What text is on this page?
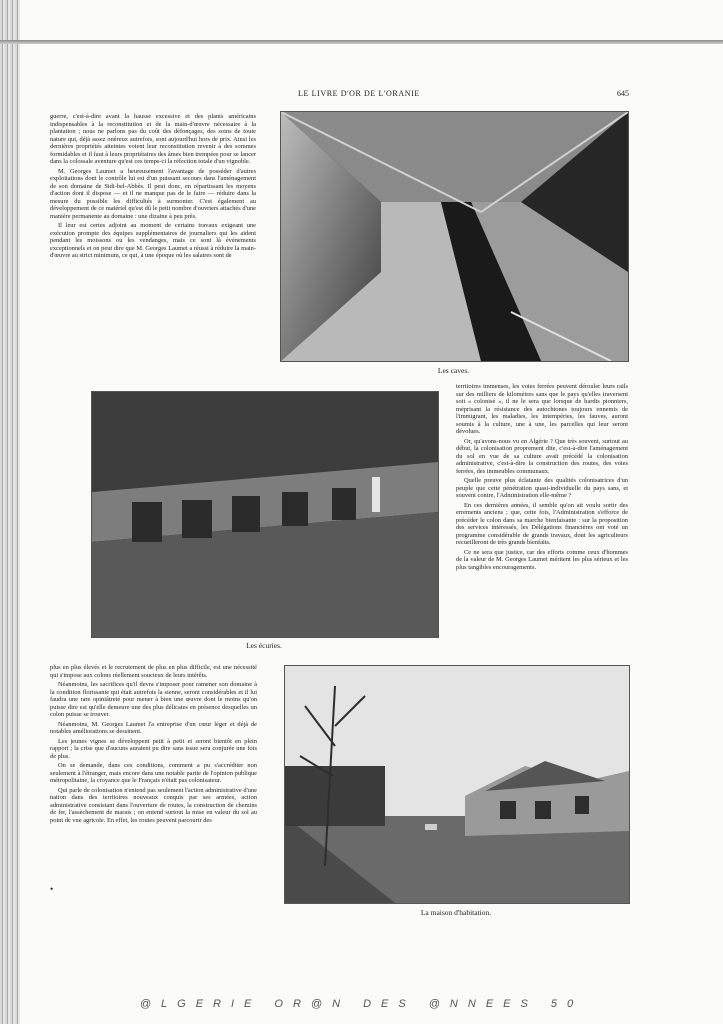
LE LIVRE D'OR DE L'ORANIE	645

guerre, c'est-à-dire avant la hausse excessive et des plants américains indispensables à la reconstitution et de la main-d'œuvre nécessaire à la plantation ; nous ne parlons pas du coût des défonçages, des soins de toute nature qui, déjà assez onéreux autrefois, sont aujourd'hui hors de prix. Ainsi les dernières propriétés atteintes voient leur reconstitution revenir à des sommes formidables et il faut à leurs propriétaires des âmes bien trempées pour se lancer dans la colossale aventure qu'est ces temps-ci la réfection totale d'un vignoble.

M. Georges Laumet a heureusement l'avantage de posséder d'autres exploitations dont le contrôle lui est d'un puissant secours dans l'aménagement de son domaine de Sidi-bel-Abbès. Il peut donc, en répartissant les moyens d'action dont il dispose — et il ne manque pas de le faire — réduire dans la mesure du possible les difficultés à surmonter. C'est également au développement de ce matériel qu'est dû le petit nombre d'ouvriers attachés d'une manière permanente au domaine : une dizaine à peu près.

Il leur est certes adjoint au moment de certains travaux exigeant une exécution prompte des équipes supplémentaires de journaliers qui les aident pendant les moissons ou les vendanges, mais ce sont là événements exceptionnels et on peut dire que M. Georges Laumet a réussi à réduire la main-d'œuvre au strict minimum, ce qui, à une époque où les salaires sont de

Les caves.
Les écuries.

territoires immenses, les voies ferrées peuvent dérouler leurs rails sur des milliers de kilomètres sans que le pays qu'elles traversent soit « colonisé », il ne le sera que lorsque de hardis pionniers, méprisant la résistance des autochtones toujours ennemis de l'immigrant, les maladies, les intempéries, les fauves, auront soumis à la culture, une à une, les parcelles qui leur seront dévolues.

Or, qu'avons-nous vu en Algérie ? Que très souvent, surtout au début, la colonisation proprement dite, c'est-à-dire l'aménagement du sol en vue de sa culture avait précédé la colonisation administrative, c'est-à-dire la construction des routes, des voies ferrées, des immeubles communaux.

Quelle preuve plus éclatante des qualités colonisatrices d'un peuple que cette pénétration quasi-individuelle du pays sans, et souvent contre, l'Administration elle-même ?

En ces dernières années, il semble qu'on ait voulu sortir des errements anciens ; que, cette fois, l'Administration s'efforce de précéder le colon dans sa marche bienfaisante : sur la proposition des services intéressés, les Délégations financières ont voté un programme considérable de grands travaux, dont les agriculteurs recueilleront de très grands bienfaits.

Ce ne sera que justice, car des efforts comme ceux d'hommes de la valeur de M. Georges Laumet méritent les plus sérieux et les plus tangibles encouragements.

plus en plus élevés et le recrutement de plus en plus difficile, est une nécessité qui s'impose aux colons réellement soucieux de leurs intérêts.

Néanmoins, les sacrifices qu'il devra s'imposer pour ramener son domaine à la condition florissante qui était autrefois la sienne, seront considérables et il lui faudra une rare opiniâtreté pour mener à bien une œuvre dont le moins qu'on puisse dire est qu'elle demeure une des plus délicates en présence desquelles un colon puisse se trouver.

Néanmoins, M. Georges Laumet l'a entreprise d'un cœur léger et déjà de notables améliorations se dessinent.

Les jeunes vignes se développent petit à petit et seront bientôt en plein rapport ; la crise que d'aucuns auraient pu dire sans issue sera conjurée une fois de plus.

On se demande, dans ces conditions, comment a pu s'accréditer non seulement à l'étranger, mais encore dans une notable partie de l'opinion publique métropolitaine, la croyance que le Français n'était pas colonisateur.

Qui parle de colonisation n'entend pas seulement l'action administrative d'une nation dans des territoires nouveaux conquis par ses armées, action administrative consistant dans l'ouverture de routes, la construction de chemins de fer, l'assèchement de marais ; on entend surtout la mise en valeur du sol au point de vue agricole. En effet, les routes peuvent parcourir des

•
La maison d'habitation.
@LGERIE OR@N DES @NNEES 50
